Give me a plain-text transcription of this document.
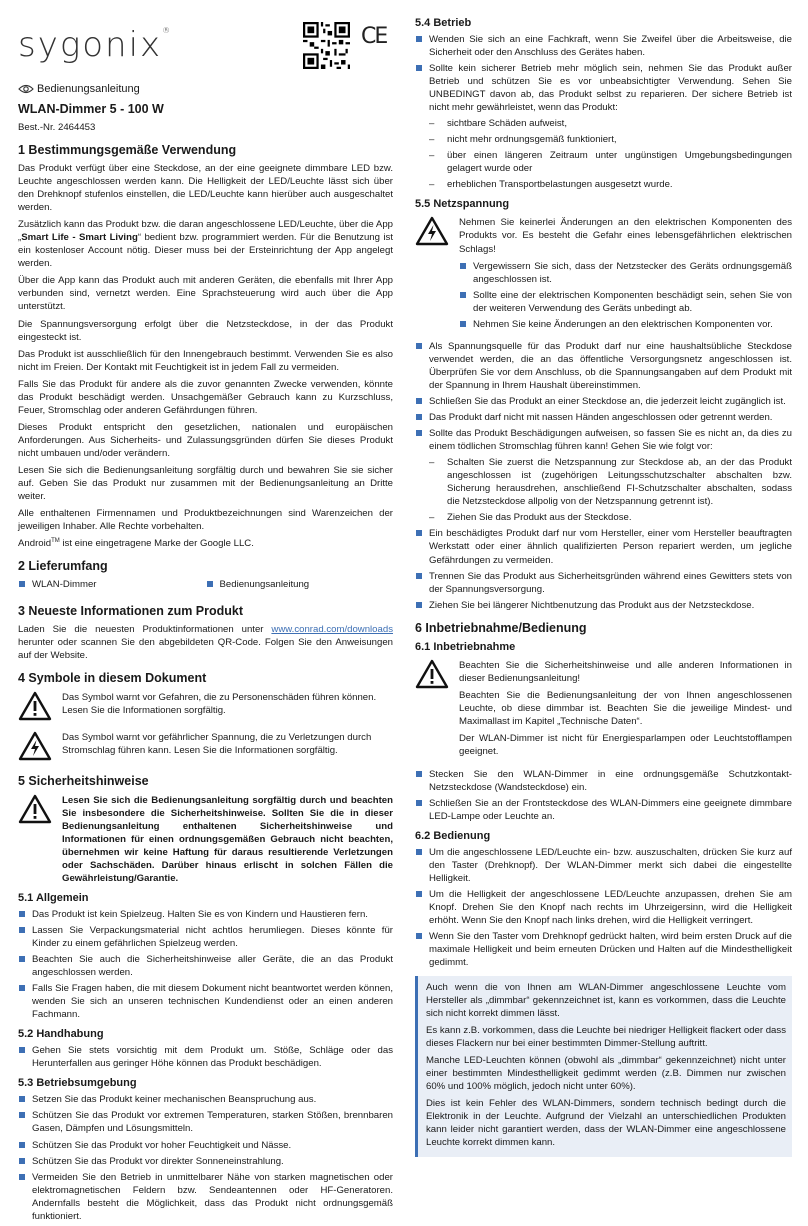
sygonix®	CE
Bedienungsanleitung
WLAN-Dimmer 5 - 100 W
Best.-Nr. 2464453
1 Bestimmungsgemäße Verwendung

Das Produkt verfügt über eine Steckdose, an der eine geeignete dimmbare LED bzw. Leuchte angeschlossen werden kann. Die Helligkeit der LED/Leuchte lässt sich über den Drehknopf stufenlos einstellen, die LED/Leuchte kann hierüber auch ausgeschaltet werden.

Zusätzlich kann das Produkt bzw. die daran angeschlossene LED/Leuchte, über die App „Smart Life - Smart Living“ bedient bzw. programmiert werden. Für die Benutzung ist ein kostenloser Account nötig. Dieser muss bei der Ersteinrichtung der App angelegt werden.

Über die App kann das Produkt auch mit anderen Geräten, die ebenfalls mit Ihrer App verbunden sind, vernetzt werden. Eine Sprachsteuerung wird auch über die App unterstützt.

Die Spannungsversorgung erfolgt über die Netzsteckdose, in der das Produkt eingesteckt ist.

Das Produkt ist ausschließlich für den Innengebrauch bestimmt. Verwenden Sie es also nicht im Freien. Der Kontakt mit Feuchtigkeit ist in jedem Fall zu vermeiden.

Falls Sie das Produkt für andere als die zuvor genannten Zwecke verwenden, könnte das Produkt beschädigt werden. Unsachgemäßer Gebrauch kann zu Kurzschluss, Feuer, Stromschlag oder anderen Gefährdungen führen.

Dieses Produkt entspricht den gesetzlichen, nationalen und europäischen Anforderungen. Aus Sicherheits- und Zulassungsgründen dürfen Sie dieses Produkt nicht umbauen und/oder verändern.

Lesen Sie sich die Bedienungsanleitung sorgfältig durch und bewahren Sie sie sicher auf. Geben Sie das Produkt nur zusammen mit der Bedienungsanleitung an Dritte weiter.

Alle enthaltenen Firmennamen und Produktbezeichnungen sind Warenzeichen der jeweiligen Inhaber. Alle Rechte vorbehalten.

Android™ ist eine eingetragene Marke der Google LLC.

2 Lieferumfang
WLAN-Dimmer	Bedienungsanleitung
3 Neueste Informationen zum Produkt

Laden Sie die neuesten Produktinformationen unter www.conrad.com/downloads herunter oder scannen Sie den abgebildeten QR-Code. Folgen Sie den Anweisungen auf der Website.

4 Symbole in diesem Dokument
Das Symbol warnt vor Gefahren, die zu Personenschäden führen können. Lesen Sie die Informationen sorgfältig.
Das Symbol warnt vor gefährlicher Spannung, die zu Verletzungen durch Stromschlag führen kann. Lesen Sie die Informationen sorgfältig.
5 Sicherheitshinweise
Lesen Sie sich die Bedienungsanleitung sorgfältig durch und beachten Sie insbesondere die Sicherheitshinweise. Sollten Sie die in dieser Bedienungsanleitung enthaltenen Sicherheitshinweise und Informationen für einen ordnungsgemäßen Gebrauch nicht beachten, übernehmen wir keine Haftung für daraus resultierende Verletzungen oder Sachschäden. Darüber hinaus erlischt in solchen Fällen die Gewährleistung/Garantie.
5.1 Allgemein
Das Produkt ist kein Spielzeug. Halten Sie es von Kindern und Haustieren fern.
Lassen Sie Verpackungsmaterial nicht achtlos herumliegen. Dieses könnte für Kinder zu einem gefährlichen Spielzeug werden.
Beachten Sie auch die Sicherheitshinweise aller Geräte, die an das Produkt angeschlossen werden.
Falls Sie Fragen haben, die mit diesem Dokument nicht beantwortet werden können, wenden Sie sich an unseren technischen Kundendienst oder an einen anderen Fachmann.
5.2 Handhabung
Gehen Sie stets vorsichtig mit dem Produkt um. Stöße, Schläge oder das Herunterfallen aus geringer Höhe können das Produkt beschädigen.
5.3 Betriebsumgebung
Setzen Sie das Produkt keiner mechanischen Beanspruchung aus.
Schützen Sie das Produkt vor extremen Temperaturen, starken Stößen, brennbaren Gasen, Dämpfen und Lösungsmitteln.
Schützen Sie das Produkt vor hoher Feuchtigkeit und Nässe.
Schützen Sie das Produkt vor direkter Sonneneinstrahlung.
Vermeiden Sie den Betrieb in unmittelbarer Nähe von starken magnetischen oder elektromagnetischen Feldern bzw. Sendeantennen oder HF-Generatoren. Andernfalls besteht die Möglichkeit, dass das Produkt nicht ordnungsgemäß funktioniert.
5.4 Betrieb
Wenden Sie sich an eine Fachkraft, wenn Sie Zweifel über die Arbeitsweise, die Sicherheit oder den Anschluss des Gerätes haben.
Sollte kein sicherer Betrieb mehr möglich sein, nehmen Sie das Produkt außer Betrieb und schützen Sie es vor unbeabsichtigter Verwendung. Sehen Sie UNBEDINGT davon ab, das Produkt selbst zu reparieren. Der sichere Betrieb ist nicht mehr gewährleistet, wenn das Produkt:
– sichtbare Schäden aufweist,
– nicht mehr ordnungsgemäß funktioniert,
– über einen längeren Zeitraum unter ungünstigen Umgebungsbedingungen gelagert wurde oder
– erheblichen Transportbelastungen ausgesetzt wurde.
5.5 Netzspannung

Nehmen Sie keinerlei Änderungen an den elektrischen Komponenten des Produkts vor. Es besteht die Gefahr eines lebensgefährlichen elektrischen Schlags!

Vergewissern Sie sich, dass der Netzstecker des Geräts ordnungsgemäß angeschlossen ist.
Sollte eine der elektrischen Komponenten beschädigt sein, sehen Sie von der weiteren Verwendung des Geräts unbedingt ab.
Nehmen Sie keine Änderungen an den elektrischen Komponenten vor.
Als Spannungsquelle für das Produkt darf nur eine haushaltsübliche Steckdose verwendet werden, die an das öffentliche Versorgungsnetz angeschlossen ist. Überprüfen Sie vor dem Anschluss, ob die Spannungsangaben auf dem Produkt mit der Spannung in Ihrem Haushalt übereinstimmen.
Schließen Sie das Produkt an einer Steckdose an, die jederzeit leicht zugänglich ist.
Das Produkt darf nicht mit nassen Händen angeschlossen oder getrennt werden.
Sollte das Produkt Beschädigungen aufweisen, so fassen Sie es nicht an, da dies zu einem tödlichen Stromschlag führen kann! Gehen Sie wie folgt vor:
– Schalten Sie zuerst die Netzspannung zur Steckdose ab, an der das Produkt angeschlossen ist (zugehörigen Leitungsschutzschalter abschalten bzw. Sicherung herausdrehen, anschließend FI-Schutzschalter abschalten, sodass die Netzsteckdose allpolig von der Netzspannung getrennt ist).
– Ziehen Sie das Produkt aus der Steckdose.
Ein beschädigtes Produkt darf nur vom Hersteller, einer vom Hersteller beauftragten Werkstatt oder einer ähnlich qualifizierten Person repariert werden, um jegliche Gefährdungen zu vermeiden.
Trennen Sie das Produkt aus Sicherheitsgründen während eines Gewitters stets von der Spannungsversorgung.
Ziehen Sie bei längerer Nichtbenutzung das Produkt aus der Netzsteckdose.
6 Inbetriebnahme/Bedienung
6.1 Inbetriebnahme

Beachten Sie die Sicherheitshinweise und alle anderen Informationen in dieser Bedienungsanleitung!

Beachten Sie die Bedienungsanleitung der von Ihnen angeschlossenen Leuchte, ob diese dimmbar ist. Beachten Sie die jeweilige Mindest- und Maximallast im Kapitel „Technische Daten“.

Der WLAN-Dimmer ist nicht für Energiesparlampen oder Leuchtstofflampen geeignet.

Stecken Sie den WLAN-Dimmer in eine ordnungsgemäße Schutzkontakt-Netzsteckdose (Wandsteckdose) ein.
Schließen Sie an der Frontsteckdose des WLAN-Dimmers eine geeignete dimmbare LED-Lampe oder Leuchte an.
6.2 Bedienung
Um die angeschlossene LED/Leuchte ein- bzw. auszuschalten, drücken Sie kurz auf den Taster (Drehknopf). Der WLAN-Dimmer merkt sich dabei die eingestellte Helligkeit.
Um die Helligkeit der angeschlossene LED/Leuchte anzupassen, drehen Sie am Knopf. Drehen Sie den Knopf nach rechts im Uhrzeigersinn, wird die Helligkeit erhöht. Wenn Sie den Knopf nach links drehen, wird die Helligkeit verringert.
Wenn Sie den Taster vom Drehknopf gedrückt halten, wird beim ersten Druck auf die maximale Helligkeit und beim erneuten Drücken und Halten auf die Mindesthelligkeit gedimmt.

Auch wenn die von Ihnen am WLAN-Dimmer angeschlossene Leuchte vom Hersteller als „dimmbar“ gekennzeichnet ist, kann es vorkommen, dass die Leuchte sich nicht korrekt dimmen lässt.

Es kann z.B. vorkommen, dass die Leuchte bei niedriger Helligkeit flackert oder dass dieses Flackern nur bei einer bestimmten Dimmer-Stellung auftritt.

Manche LED-Leuchten können (obwohl als „dimmbar“ gekennzeichnet) nicht unter einer bestimmten Mindesthelligkeit gedimmt werden (z.B. Dimmen nur zwischen 60% und 100% möglich, jedoch nicht unter 60%).

Dies ist kein Fehler des WLAN-Dimmers, sondern technisch bedingt durch die Elektronik in der Leuchte. Aufgrund der Vielzahl an unterschiedlichen Produkten kann leider nicht garantiert werden, dass der WLAN-Dimmer eine angeschlossene Leuchte korrekt dimmen kann.
